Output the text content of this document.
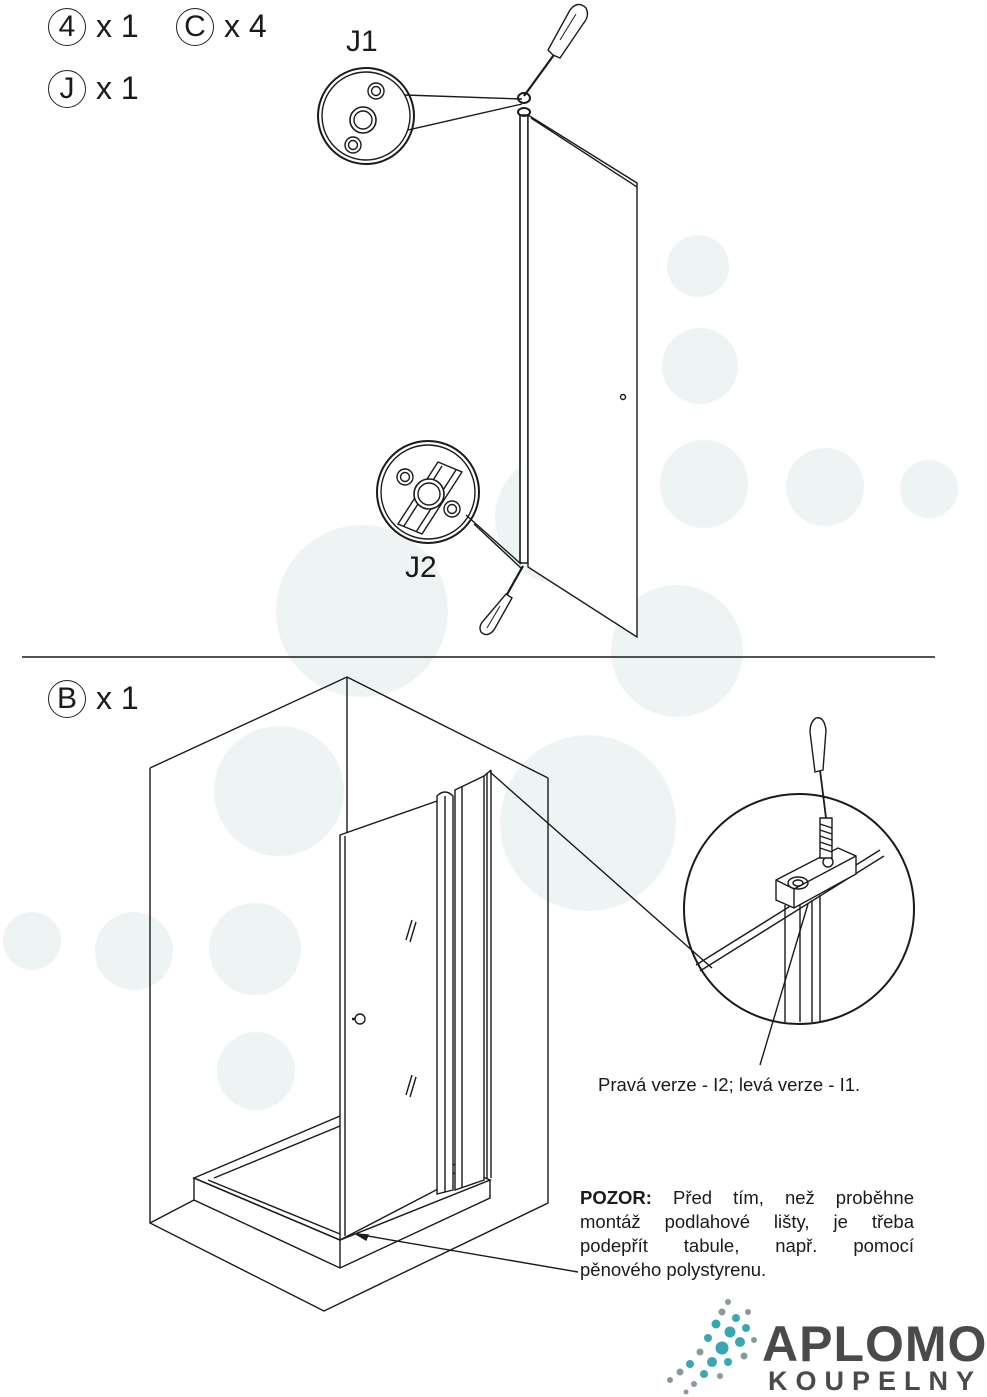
4 x 1 C x 4
J x 1
B x 1
J1
J2
Pravá verze - I2; levá verze - I1.
POZOR: Před tím, než proběhne
montáž podlahové lišty, je třeba
podepřít tabule, např. pomocí
pěnového polystyrenu.
APLOMO
KOUPELNY
